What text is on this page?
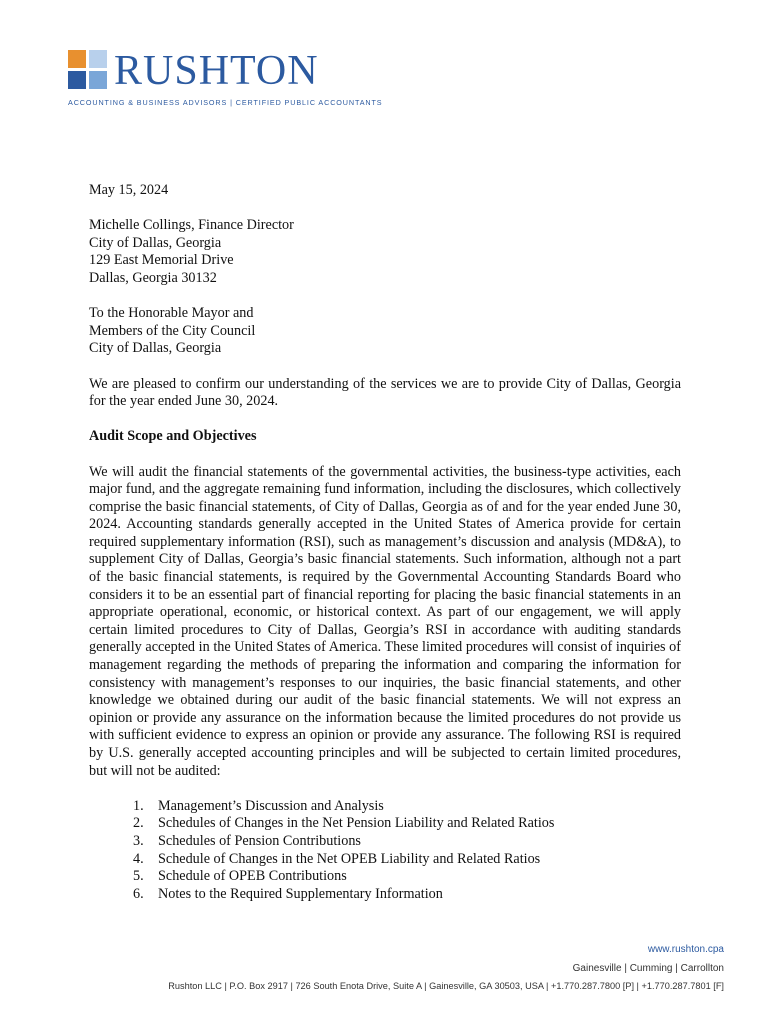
RUSHTON
ACCOUNTING & BUSINESS ADVISORS | CERTIFIED PUBLIC ACCOUNTANTS

May 15, 2024

Michelle Collings, Finance Director
City of Dallas, Georgia
129 East Memorial Drive
Dallas, Georgia 30132

To the Honorable Mayor and
Members of the City Council
City of Dallas, Georgia

We are pleased to confirm our understanding of the services we are to provide City of Dallas, Georgia for the year ended June 30, 2024.

Audit Scope and Objectives

We will audit the financial statements of the governmental activities, the business-type activities, each major fund, and the aggregate remaining fund information, including the disclosures, which collectively comprise the basic financial statements, of City of Dallas, Georgia as of and for the year ended June 30, 2024. Accounting standards generally accepted in the United States of America provide for certain required supplementary information (RSI), such as management’s discussion and analysis (MD&A), to supplement City of Dallas, Georgia’s basic financial statements. Such information, although not a part of the basic financial statements, is required by the Governmental Accounting Standards Board who considers it to be an essential part of financial reporting for placing the basic financial statements in an appropriate operational, economic, or historical context. As part of our engagement, we will apply certain limited procedures to City of Dallas, Georgia’s RSI in accordance with auditing standards generally accepted in the United States of America. These limited procedures will consist of inquiries of management regarding the methods of preparing the information and comparing the information for consistency with management’s responses to our inquiries, the basic financial statements, and other knowledge we obtained during our audit of the basic financial statements. We will not express an opinion or provide any assurance on the information because the limited procedures do not provide us with sufficient evidence to express an opinion or provide any assurance. The following RSI is required by U.S. generally accepted accounting principles and will be subjected to certain limited procedures, but will not be audited:

1. Management’s Discussion and Analysis
2. Schedules of Changes in the Net Pension Liability and Related Ratios
3. Schedules of Pension Contributions
4. Schedule of Changes in the Net OPEB Liability and Related Ratios
5. Schedule of OPEB Contributions
6. Notes to the Required Supplementary Information
www.rushton.cpa
Gainesville | Cumming | Carrollton
Rushton LLC | P.O. Box 2917 | 726 South Enota Drive, Suite A | Gainesville, GA 30503, USA | +1.770.287.7800 [P] | +1.770.287.7801 [F]
